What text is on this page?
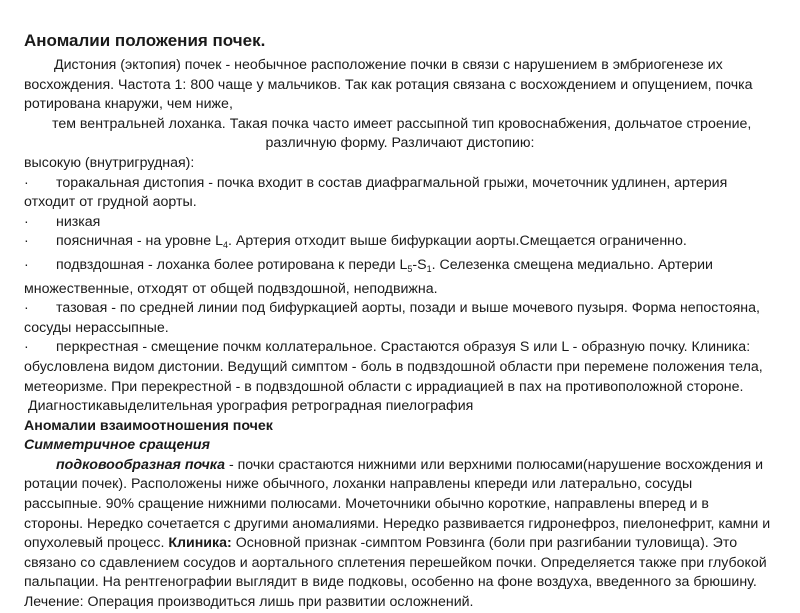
Аномалии положения почек.
Дистония (эктопия) почек - необычное расположение почки в связи с нарушением в эмбриогенезе их
восхождения. Частота 1: 800 чаще у мальчиков. Так как ротация связана с восхождением и опущением, почка
ротирована кнаружи, чем ниже,
тем вентральней лоханка. Такая почка часто имеет рассыпной тип кровоснабжения, дольчатое строение,
различную форму. Различают дистопию:
высокую (внутригрудная):
· торакальная дистопия - почка входит в состав диафрагмальной грыжи, мочеточник удлинен, артерия
отходит от грудной аорты.
· низкая
· поясничная - на уровне $L_4$. Артерия отходит выше бифуркации аорты.Смещается ограниченно.
· подвздошная - лоханка более ротирована к переди $L_5-S_1$. Селезенка смещена медиально. Артерии
множественные, отходят от общей подвздошной, неподвижна.
· тазовая - по средней линии под бифуркацией аорты, позади и выше мочевого пузыря. Форма непостояна,
сосуды нерассыпные.
· перкрестная - смещение почкм коллатеральное. Срастаются образуя S или L - образную почку. Клиника:
обусловлена видом дистонии. Ведущий симптом - боль в подвздошной области при перемене положения тела,
метеоризме. При перекрестной - в подвздошной области с иррадиацией в пах на противоположной стороне.
Диагностикавыделительная урография ретроградная пиелография
Аномалии взаимоотношения почек
Симметричное сращения
подковообразная почка - почки срастаются нижними или верхними полюсами(нарушение восхождения и
ротации почек). Расположены ниже обычного, лоханки направлены кпереди или латерально, сосуды
рассыпные. 90% сращение нижними полюсами. Мочеточники обычно короткие, направлены вперед и в
стороны. Нередко сочетается с другими аномалиями. Нередко развивается гидронефроз, пиелонефрит, камни и
опухолевый процесс. Клиника: Основной признак -симптом Ровзинга (боли при разгибании туловища). Это
связано со сдавлением сосудов и аортального сплетения перешейком почки. Определяется также при глубокой
пальпации. На рентгенографии выглядит в виде подковы, особенно на фоне воздуха, введенного за брюшину.
Лечение: Операция производиться лишь при развитии осложнений.
